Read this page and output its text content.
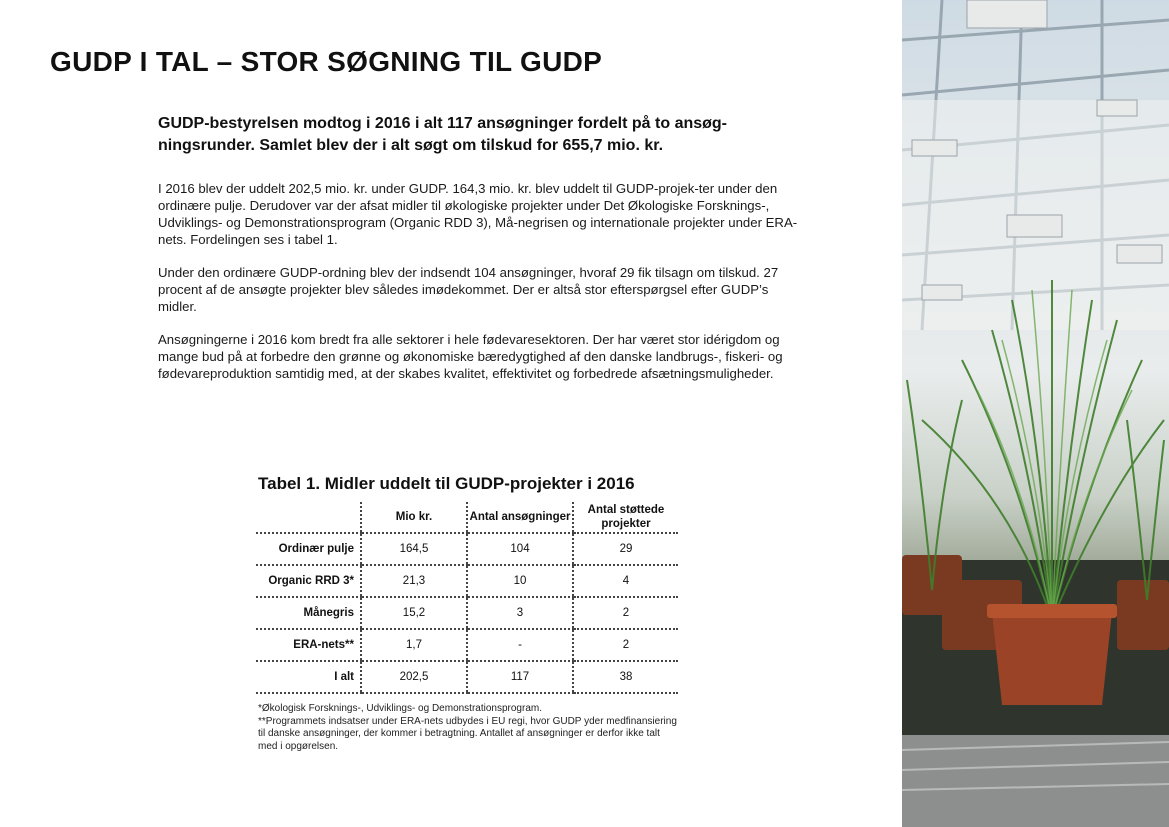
GUDP I TAL – STOR SØGNING TIL GUDP

GUDP-bestyrelsen modtog i 2016 i alt 117 ansøgninger fordelt på to ansøg-ningsrunder. Samlet blev der i alt søgt om tilskud for 655,7 mio. kr.

I 2016 blev der uddelt 202,5 mio. kr. under GUDP. 164,3 mio. kr. blev uddelt til GUDP-projek-ter under den ordinære pulje. Derudover var der afsat midler til økologiske projekter under Det Økologiske Forsknings-, Udviklings- og Demonstrationsprogram (Organic RDD 3), Må-negrisen og internationale projekter under ERA-nets. Fordelingen ses i tabel 1.

Under den ordinære GUDP-ordning blev der indsendt 104 ansøgninger, hvoraf 29 fik tilsagn om tilskud. 27 procent af de ansøgte projekter blev således imødekommet. Der er altså stor efterspørgsel efter GUDP’s midler.

Ansøgningerne i 2016 kom bredt fra alle sektorer i hele fødevaresektoren. Der har været stor idérigdom og mange bud på at forbedre den grønne og økonomiske bæredygtighed af den danske landbrugs-, fiskeri- og fødevareproduktion samtidig med, at der skabes kvalitet, effektivitet og forbedrede afsætningsmuligheder.

Tabel 1. Midler uddelt til GUDP-projekter i 2016
	Mio kr.	Antal ansøgninger	Antal støttede projekter
Ordinær pulje	164,5	104	29
Organic RRD 3*	21,3	10	4
Månegris	15,2	3	2
ERA-nets**	1,7	-	2
I alt	202,5	117	38

*Økologisk Forsknings-, Udviklings- og Demonstrationsprogram.

**Programmets indsatser under ERA-nets udbydes i EU regi, hvor GUDP yder medfinansiering til danske ansøgninger, der kommer i betragtning. Antallet af ansøgninger er derfor ikke talt med i opgørelsen.
